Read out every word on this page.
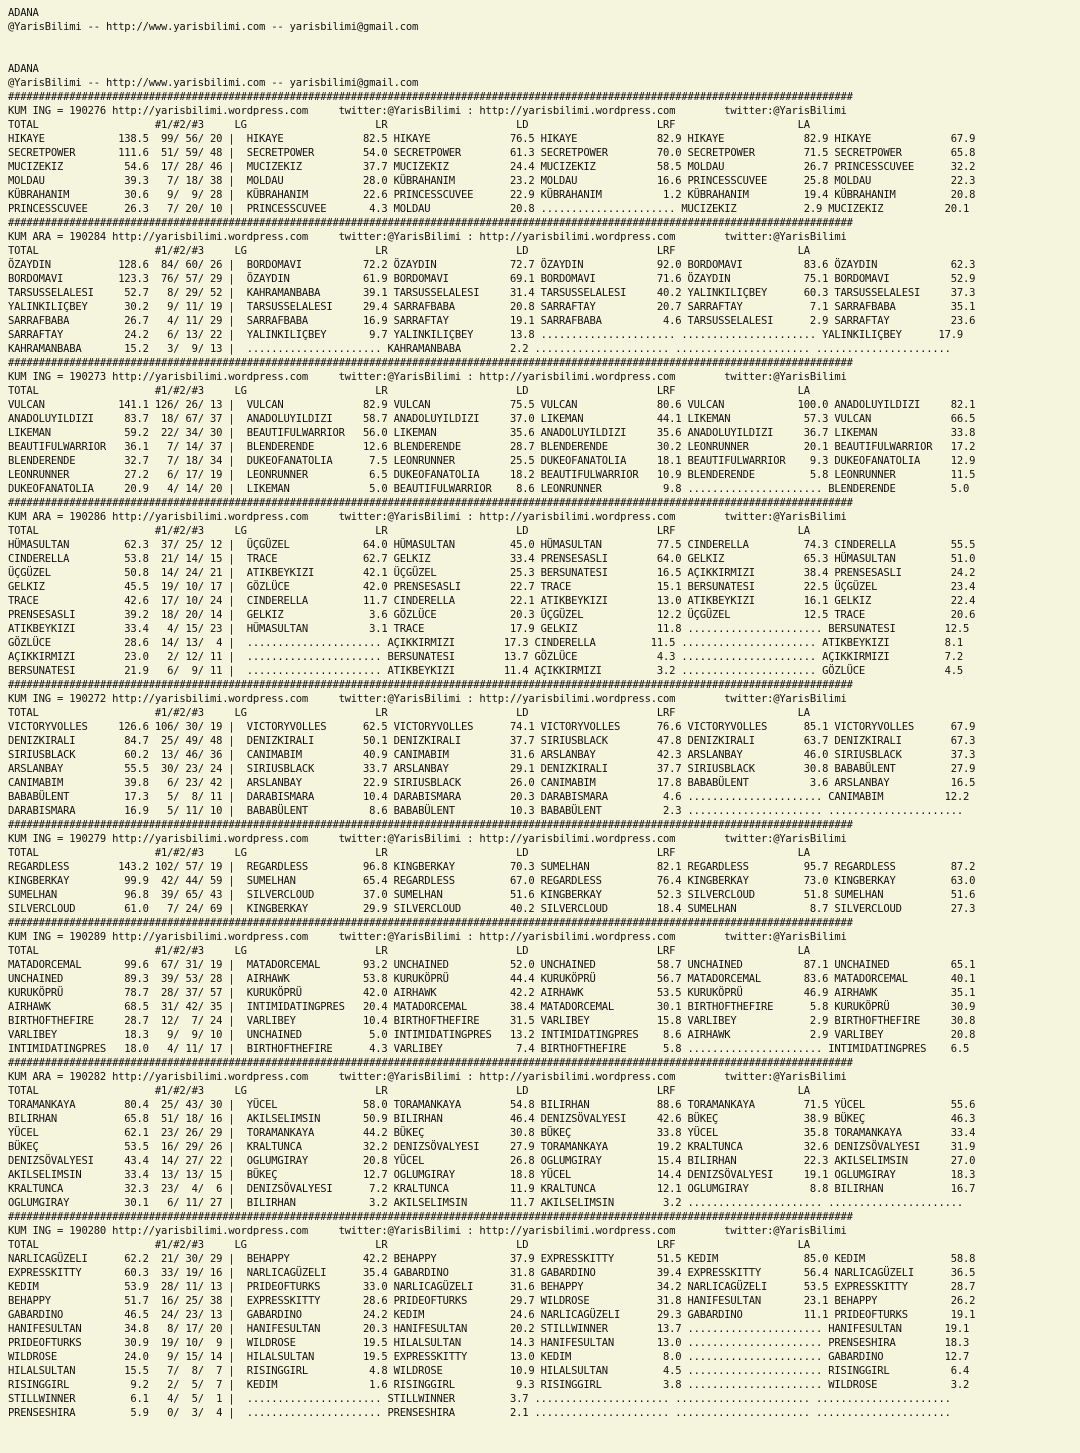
ADANA
@YarisBilimi -- http://www.yarisbilimi.com -- yarisbilimi@gmail.com

ADANA
@YarisBilimi -- http://www.yarisbilimi.com -- yarisbilimi@gmail.com
##########################################################################################################################################
KUM ING = 190276 http://yarisbilimi.wordpress.com     twitter:@YarisBilimi : http://yarisbilimi.wordpress.com        twitter:@YarisBilimi
TOTAL                   #1/#2/#3     LG                     LR                     LD                     LRF                    LA
HIKAYE            138.5  99/ 56/ 20 |  HIKAYE             82.5 HIKAYE             76.5 HIKAYE             82.9 HIKAYE             82.9 HIKAYE             67.9
SECRETPOWER       111.6  51/ 59/ 48 |  SECRETPOWER        54.0 SECRETPOWER        61.3 SECRETPOWER        70.0 SECRETPOWER        71.5 SECRETPOWER        65.8
MUCIZEKIZ          54.6  17/ 28/ 46 |  MUCIZEKIZ          37.7 MUCIZEKIZ          24.4 MUCIZEKIZ          58.5 MOLDAU             26.7 PRINCESSCUVEE      32.2
MOLDAU             39.3   7/ 18/ 38 |  MOLDAU             28.0 KÜBRAHANIM         23.2 MOLDAU             16.6 PRINCESSCUVEE      25.8 MOLDAU             22.3
KÜBRAHANIM         30.6   9/  9/ 28 |  KÜBRAHANIM         22.6 PRINCESSCUVEE      22.9 KÜBRAHANIM          1.2 KÜBRAHANIM         19.4 KÜBRAHANIM         20.8
PRINCESSCUVEE      26.3   7/ 20/ 10 |  PRINCESSCUVEE       4.3 MOLDAU             20.8 ...................... MUCIZEKIZ           2.9 MUCIZEKIZ          20.1
##########################################################################################################################################
KUM ARA = 190284 http://yarisbilimi.wordpress.com     twitter:@YarisBilimi : http://yarisbilimi.wordpress.com        twitter:@YarisBilimi
TOTAL                   #1/#2/#3     LG                     LR                     LD                     LRF                    LA
ÖZAYDIN           128.6  84/ 60/ 26 |  BORDOMAVI          72.2 ÖZAYDIN            72.7 ÖZAYDIN            92.0 BORDOMAVI          83.6 ÖZAYDIN            62.3
BORDOMAVI         123.3  76/ 57/ 29 |  ÖZAYDIN            61.9 BORDOMAVI          69.1 BORDOMAVI          71.6 ÖZAYDIN            75.1 BORDOMAVI          52.9
TARSUSSELALESI     52.7   8/ 29/ 52 |  KAHRAMANBABA       39.1 TARSUSSELALESI     31.4 TARSUSSELALESI     40.2 YALINKILIÇBEY      60.3 TARSUSSELALESI     37.3
YALINKILIÇBEY      30.2   9/ 11/ 19 |  TARSUSSELALESI     29.4 SARRAFBABA         20.8 SARRAFTAY          20.7 SARRAFTAY           7.1 SARRAFBABA         35.1
SARRAFBABA         26.7   4/ 11/ 29 |  SARRAFBABA         16.9 SARRAFTAY          19.1 SARRAFBABA          4.6 TARSUSSELALESI      2.9 SARRAFTAY          23.6
SARRAFTAY          24.2   6/ 13/ 22 |  YALINKILIÇBEY       9.7 YALINKILIÇBEY      13.8 ...................... ...................... YALINKILIÇBEY      17.9
KAHRAMANBABA       15.2   3/  9/ 13 |  ...................... KAHRAMANBABA        2.2 ...................... ...................... ......................
##########################################################################################################################################
KUM ING = 190273 http://yarisbilimi.wordpress.com     twitter:@YarisBilimi : http://yarisbilimi.wordpress.com        twitter:@YarisBilimi
TOTAL                   #1/#2/#3     LG                     LR                     LD                     LRF                    LA
VULCAN            141.1 126/ 26/ 13 |  VULCAN             82.9 VULCAN             75.5 VULCAN             80.6 VULCAN            100.0 ANADOLUYILDIZI     82.1
ANADOLUYILDIZI     83.7  18/ 67/ 37 |  ANADOLUYILDIZI     58.7 ANADOLUYILDIZI     37.0 LIKEMAN            44.1 LIKEMAN            57.3 VULCAN             66.5
LIKEMAN            59.2  22/ 34/ 30 |  BEAUTIFULWARRIOR   56.0 LIKEMAN            35.6 ANADOLUYILDIZI     35.6 ANADOLUYILDIZI     36.7 LIKEMAN            33.8
BEAUTIFULWARRIOR   36.1   7/ 14/ 37 |  BLENDERENDE        12.6 BLENDERENDE        28.7 BLENDERENDE        30.2 LEONRUNNER         20.1 BEAUTIFULWARRIOR   17.2
BLENDERENDE        32.7   7/ 18/ 34 |  DUKEOFANATOLIA      7.5 LEONRUNNER         25.5 DUKEOFANATOLIA     18.1 BEAUTIFULWARRIOR    9.3 DUKEOFANATOLIA     12.9
LEONRUNNER         27.2   6/ 17/ 19 |  LEONRUNNER          6.5 DUKEOFANATOLIA     18.2 BEAUTIFULWARRIOR   10.9 BLENDERENDE         5.8 LEONRUNNER         11.5
DUKEOFANATOLIA     20.9   4/ 14/ 20 |  LIKEMAN             5.0 BEAUTIFULWARRIOR    8.6 LEONRUNNER          9.8 ...................... BLENDERENDE         5.0
##########################################################################################################################################
KUM ARA = 190286 http://yarisbilimi.wordpress.com     twitter:@YarisBilimi : http://yarisbilimi.wordpress.com        twitter:@YarisBilimi
TOTAL                   #1/#2/#3     LG                     LR                     LD                     LRF                    LA
HÜMASULTAN         62.3  37/ 25/ 12 |  ÜÇGÜZEL            64.0 HÜMASULTAN         45.0 HÜMASULTAN         77.5 CINDERELLA         74.3 CINDERELLA         55.5
CINDERELLA         53.8  21/ 14/ 15 |  TRACE              62.7 GELKIZ             33.4 PRENSESASLI        64.0 GELKIZ             65.3 HÜMASULTAN         51.0
ÜÇGÜZEL            50.8  14/ 24/ 21 |  ATIKBEYKIZI        42.1 ÜÇGÜZEL            25.3 BERSUNATESI        16.5 AÇIKKIRMIZI        38.4 PRENSESASLI        24.2
GELKIZ             45.5  19/ 10/ 17 |  GÖZLÜCE            42.0 PRENSESASLI        22.7 TRACE              15.1 BERSUNATESI        22.5 ÜÇGÜZEL            23.4
TRACE              42.6  17/ 10/ 24 |  CINDERELLA         11.7 CINDERELLA         22.1 ATIKBEYKIZI        13.0 ATIKBEYKIZI        16.1 GELKIZ             22.4
PRENSESASLI        39.2  18/ 20/ 14 |  GELKIZ              3.6 GÖZLÜCE            20.3 ÜÇGÜZEL            12.2 ÜÇGÜZEL            12.5 TRACE              20.6
ATIKBEYKIZI        33.4   4/ 15/ 23 |  HÜMASULTAN          3.1 TRACE              17.9 GELKIZ             11.8 ...................... BERSUNATESI        12.5
GÖZLÜCE            28.6  14/ 13/  4 |  ...................... AÇIKKIRMIZI        17.3 CINDERELLA         11.5 ...................... ATIKBEYKIZI         8.1
AÇIKKIRMIZI        23.0   2/ 12/ 11 |  ...................... BERSUNATESI        13.7 GÖZLÜCE             4.3 ...................... AÇIKKIRMIZI         7.2
BERSUNATESI        21.9   6/  9/ 11 |  ...................... ATIKBEYKIZI        11.4 AÇIKKIRMIZI         3.2 ...................... GÖZLÜCE             4.5
##########################################################################################################################################
KUM ING = 190272 http://yarisbilimi.wordpress.com     twitter:@YarisBilimi : http://yarisbilimi.wordpress.com        twitter:@YarisBilimi
TOTAL                   #1/#2/#3     LG                     LR                     LD                     LRF                    LA
VICTORYVOLLES     126.6 106/ 30/ 19 |  VICTORYVOLLES      62.5 VICTORYVOLLES      74.1 VICTORYVOLLES      76.6 VICTORYVOLLES      85.1 VICTORYVOLLES      67.9
DENIZKIRALI        84.7  25/ 49/ 48 |  DENIZKIRALI        50.1 DENIZKIRALI        37.7 SIRIUSBLACK        47.8 DENIZKIRALI        63.7 DENIZKIRALI        67.3
SIRIUSBLACK        60.2  13/ 46/ 36 |  CANIMABIM          40.9 CANIMABIM          31.6 ARSLANBAY          42.3 ARSLANBAY          46.0 SIRIUSBLACK        37.3
ARSLANBAY          55.5  30/ 23/ 24 |  SIRIUSBLACK        33.7 ARSLANBAY          29.1 DENIZKIRALI        37.7 SIRIUSBLACK        30.8 BABABÜLENT         27.9
CANIMABIM          39.8   6/ 23/ 42 |  ARSLANBAY          22.9 SIRIUSBLACK        26.0 CANIMABIM          17.8 BABABÜLENT          3.6 ARSLANBAY          16.5
BABABÜLENT         17.3   5/  8/ 11 |  DARABISMARA        10.4 DARABISMARA        20.3 DARABISMARA         4.6 ...................... CANIMABIM          12.2
DARABISMARA        16.9   5/ 11/ 10 |  BABABÜLENT          8.6 BABABÜLENT         10.3 BABABÜLENT          2.3 ...................... ......................
##########################################################################################################################################
KUM ING = 190279 http://yarisbilimi.wordpress.com     twitter:@YarisBilimi : http://yarisbilimi.wordpress.com        twitter:@YarisBilimi
TOTAL                   #1/#2/#3     LG                     LR                     LD                     LRF                    LA
REGARDLESS        143.2 102/ 57/ 19 |  REGARDLESS         96.8 KINGBERKAY         70.3 SUMELHAN           82.1 REGARDLESS         95.7 REGARDLESS         87.2
KINGBERKAY         99.9  42/ 44/ 59 |  SUMELHAN           65.4 REGARDLESS         67.0 REGARDLESS         76.4 KINGBERKAY         73.0 KINGBERKAY         63.0
SUMELHAN           96.8  39/ 65/ 43 |  SILVERCLOUD        37.0 SUMELHAN           51.6 KINGBERKAY         52.3 SILVERCLOUD        51.8 SUMELHAN           51.6
SILVERCLOUD        61.0   7/ 24/ 69 |  KINGBERKAY         29.9 SILVERCLOUD        40.2 SILVERCLOUD        18.4 SUMELHAN            8.7 SILVERCLOUD        27.3
##########################################################################################################################################
KUM ING = 190289 http://yarisbilimi.wordpress.com     twitter:@YarisBilimi : http://yarisbilimi.wordpress.com        twitter:@YarisBilimi
TOTAL                   #1/#2/#3     LG                     LR                     LD                     LRF                    LA
MATADORCEMAL       99.6  67/ 31/ 19 |  MATADORCEMAL       93.2 UNCHAINED          52.0 UNCHAINED          58.7 UNCHAINED          87.1 UNCHAINED          65.1
UNCHAINED          89.3  39/ 53/ 28 |  AIRHAWK            53.8 KURUKÖPRÜ          44.4 KURUKÖPRÜ          56.7 MATADORCEMAL       83.6 MATADORCEMAL       40.1
KURUKÖPRÜ          78.7  28/ 37/ 57 |  KURUKÖPRÜ          42.0 AIRHAWK            42.2 AIRHAWK            53.5 KURUKÖPRÜ          46.9 AIRHAWK            35.1
AIRHAWK            68.5  31/ 42/ 35 |  INTIMIDATINGPRES   20.4 MATADORCEMAL       38.4 MATADORCEMAL       30.1 BIRTHOFTHEFIRE      5.8 KURUKÖPRÜ          30.9
BIRTHOFTHEFIRE     28.7  12/  7/ 24 |  VARLIBEY           10.4 BIRTHOFTHEFIRE     31.5 VARLIBEY           15.8 VARLIBEY            2.9 BIRTHOFTHEFIRE     30.8
VARLIBEY           18.3   9/  9/ 10 |  UNCHAINED           5.0 INTIMIDATINGPRES   13.2 INTIMIDATINGPRES    8.6 AIRHAWK             2.9 VARLIBEY           20.8
INTIMIDATINGPRES   18.0   4/ 11/ 17 |  BIRTHOFTHEFIRE      4.3 VARLIBEY            7.4 BIRTHOFTHEFIRE      5.8 ...................... INTIMIDATINGPRES    6.5
##########################################################################################################################################
KUM ARA = 190282 http://yarisbilimi.wordpress.com     twitter:@YarisBilimi : http://yarisbilimi.wordpress.com        twitter:@YarisBilimi
TOTAL                   #1/#2/#3     LG                     LR                     LD                     LRF                    LA
TORAMANKAYA        80.4  25/ 43/ 30 |  YÜCEL              58.0 TORAMANKAYA        54.8 BILIRHAN           88.6 TORAMANKAYA        71.5 YÜCEL              55.6
BILIRHAN           65.8  51/ 18/ 16 |  AKILSELIMSIN       50.9 BILIRHAN           46.4 DENIZSÖVALYESI     42.6 BÜKEÇ              38.9 BÜKEÇ              46.3
YÜCEL              62.1  23/ 26/ 29 |  TORAMANKAYA        44.2 BÜKEÇ              30.8 BÜKEÇ              33.8 YÜCEL              35.8 TORAMANKAYA        33.4
BÜKEÇ              53.5  16/ 29/ 26 |  KRALTUNCA          32.2 DENIZSÖVALYESI     27.9 TORAMANKAYA        19.2 KRALTUNCA          32.6 DENIZSÖVALYESI     31.9
DENIZSÖVALYESI     43.4  14/ 27/ 22 |  OGLUMGIRAY         20.8 YÜCEL              26.8 OGLUMGIRAY         15.4 BILIRHAN           22.3 AKILSELIMSIN       27.0
AKILSELIMSIN       33.4  13/ 13/ 15 |  BÜKEÇ              12.7 OGLUMGIRAY         18.8 YÜCEL              14.4 DENIZSÖVALYESI     19.1 OGLUMGIRAY         18.3
KRALTUNCA          32.3  23/  4/  6 |  DENIZSÖVALYESI      7.2 KRALTUNCA          11.9 KRALTUNCA          12.1 OGLUMGIRAY          8.8 BILIRHAN           16.7
OGLUMGIRAY         30.1   6/ 11/ 27 |  BILIRHAN            3.2 AKILSELIMSIN       11.7 AKILSELIMSIN        3.2 ...................... ......................
##########################################################################################################################################
KUM ING = 190280 http://yarisbilimi.wordpress.com     twitter:@YarisBilimi : http://yarisbilimi.wordpress.com        twitter:@YarisBilimi
TOTAL                   #1/#2/#3     LG                     LR                     LD                     LRF                    LA
NARLICAGÜZELI      62.2  21/ 30/ 29 |  BEHAPPY            42.2 BEHAPPY            37.9 EXPRESSKITTY       51.5 KEDIM              85.0 KEDIM              58.8
EXPRESSKITTY       60.3  33/ 19/ 16 |  NARLICAGÜZELI      35.4 GABARDINO          31.8 GABARDINO          39.4 EXPRESSKITTY       56.4 NARLICAGÜZELI      36.5
KEDIM              53.9  28/ 11/ 13 |  PRIDEOFTURKS       33.0 NARLICAGÜZELI      31.6 BEHAPPY            34.2 NARLICAGÜZELI      53.5 EXPRESSKITTY       28.7
BEHAPPY            51.7  16/ 25/ 38 |  EXPRESSKITTY       28.6 PRIDEOFTURKS       29.7 WILDROSE           31.8 HANIFESULTAN       23.1 BEHAPPY            26.2
GABARDINO          46.5  24/ 23/ 13 |  GABARDINO          24.2 KEDIM              24.6 NARLICAGÜZELI      29.3 GABARDINO          11.1 PRIDEOFTURKS       19.1
HANIFESULTAN       34.8   8/ 17/ 20 |  HANIFESULTAN       20.3 HANIFESULTAN       20.2 STILLWINNER        13.7 ...................... HANIFESULTAN       19.1
PRIDEOFTURKS       30.9  19/ 10/  9 |  WILDROSE           19.5 HILALSULTAN        14.3 HANIFESULTAN       13.0 ...................... PRENSESHIRA        18.3
WILDROSE           24.0   9/ 15/ 14 |  HILALSULTAN        19.5 EXPRESSKITTY       13.0 KEDIM               8.0 ...................... GABARDINO          12.7
HILALSULTAN        15.5   7/  8/  7 |  RISINGGIRL          4.8 WILDROSE           10.9 HILALSULTAN         4.5 ...................... RISINGGIRL          6.4
RISINGGIRL          9.2   2/  5/  7 |  KEDIM               1.6 RISINGGIRL          9.3 RISINGGIRL          3.8 ...................... WILDROSE            3.2
STILLWINNER         6.1   4/  5/  1 |  ...................... STILLWINNER         3.7 ...................... ...................... ......................
PRENSESHIRA         5.9   0/  3/  4 |  ...................... PRENSESHIRA         2.1 ...................... ...................... ......................
